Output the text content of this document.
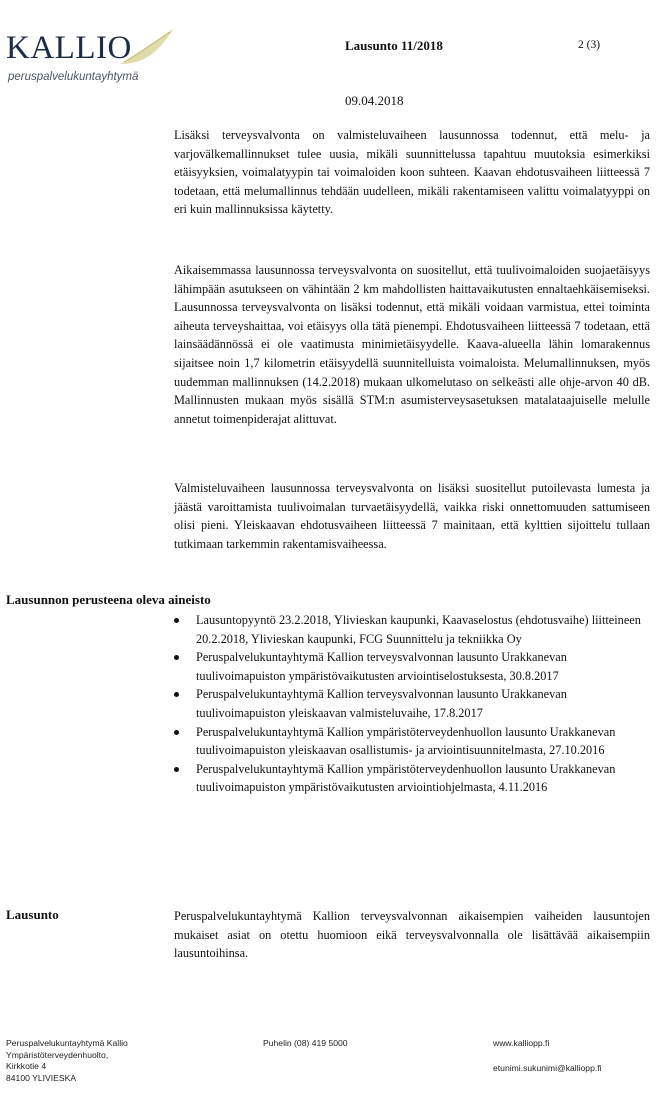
KALLIO
peruspalvelukuntayhtymä
Lausunto 11/2018	2 (3)
09.04.2018

Lisäksi terveysvalvonta on valmisteluvaiheen lausunnossa todennut, että melu- ja varjovälkemallinnukset tulee uusia, mikäli suunnittelussa tapahtuu muutoksia esimerkiksi etäisyyksien, voimalatyypin tai voimaloiden koon suhteen. Kaavan ehdotusvaiheen liitteessä 7 todetaan, että melumallinnus tehdään uudelleen, mikäli rakentamiseen valittu voimalatyyppi on eri kuin mallinnuksissa käytetty.

Aikaisemmassa lausunnossa terveysvalvonta on suositellut, että tuulivoimaloiden suojaetäisyys lähimpään asutukseen on vähintään 2 km mahdollisten haittavaikutusten ennaltaehkäisemiseksi. Lausunnossa terveysvalvonta on lisäksi todennut, että mikäli voidaan varmistua, ettei toiminta aiheuta terveyshaittaa, voi etäisyys olla tätä pienempi. Ehdotusvaiheen liitteessä 7 todetaan, että lainsäädännössä ei ole vaatimusta minimietäisyydelle. Kaava-alueella lähin lomarakennus sijaitsee noin 1,7 kilometrin etäisyydellä suunnitelluista voimaloista. Melumallinnuksen, myös uudemman mallinnuksen (14.2.2018) mukaan ulkomelutaso on selkeästi alle ohje-arvon 40 dB. Mallinnusten mukaan myös sisällä STM:n asumisterveysasetuksen matalataajuiselle melulle annetut toimenpiderajat alittuvat.

Valmisteluvaiheen lausunnossa terveysvalvonta on lisäksi suositellut putoilevasta lumesta ja jäästä varoittamista tuulivoimalan turvaetäisyydellä, vaikka riski onnettomuuden sattumiseen olisi pieni. Yleiskaavan ehdotusvaiheen liitteessä 7 mainitaan, että kylttien sijoittelu tullaan tutkimaan tarkemmin rakentamisvaiheessa.

Lausunnon perusteena oleva aineisto
Lausuntopyyntö 23.2.2018, Ylivieskan kaupunki, Kaavaselostus (ehdotusvaihe) liitteineen 20.2.2018, Ylivieskan kaupunki, FCG Suunnittelu ja tekniikka Oy
Peruspalvelukuntayhtymä Kallion terveysvalvonnan lausunto Urakkanevan tuulivoimapuiston ympäristövaikutusten arviointiselostuksesta, 30.8.2017
Peruspalvelukuntayhtymä Kallion terveysvalvonnan lausunto Urakkanevan tuulivoimapuiston yleiskaavan valmisteluvaihe, 17.8.2017
Peruspalvelukuntayhtymä Kallion ympäristöterveydenhuollon lausunto Urakkanevan tuulivoimapuiston yleiskaavan osallistumis- ja arviointisuunnitelmasta, 27.10.2016
Peruspalvelukuntayhtymä Kallion ympäristöterveydenhuollon lausunto Urakkanevan tuulivoimapuiston ympäristövaikutusten arviointiohjelmasta, 4.11.2016
Lausunto	Peruspalvelukuntayhtymä Kallion terveysvalvonnan aikaisempien vaiheiden lausuntojen mukaiset asiat on otettu huomioon eikä terveysvalvonnalla ole lisättävää aikaisempiin lausuntoihinsa.

Peruspalvelukuntayhtymä Kallio
Ympäristöterveydenhuolto,
Kirkkotie 4
84100 YLIVIESKA
Puhelin (08) 419 5000	www.kalliopp.fi
etunimi.sukunimi@kalliopp.fi
